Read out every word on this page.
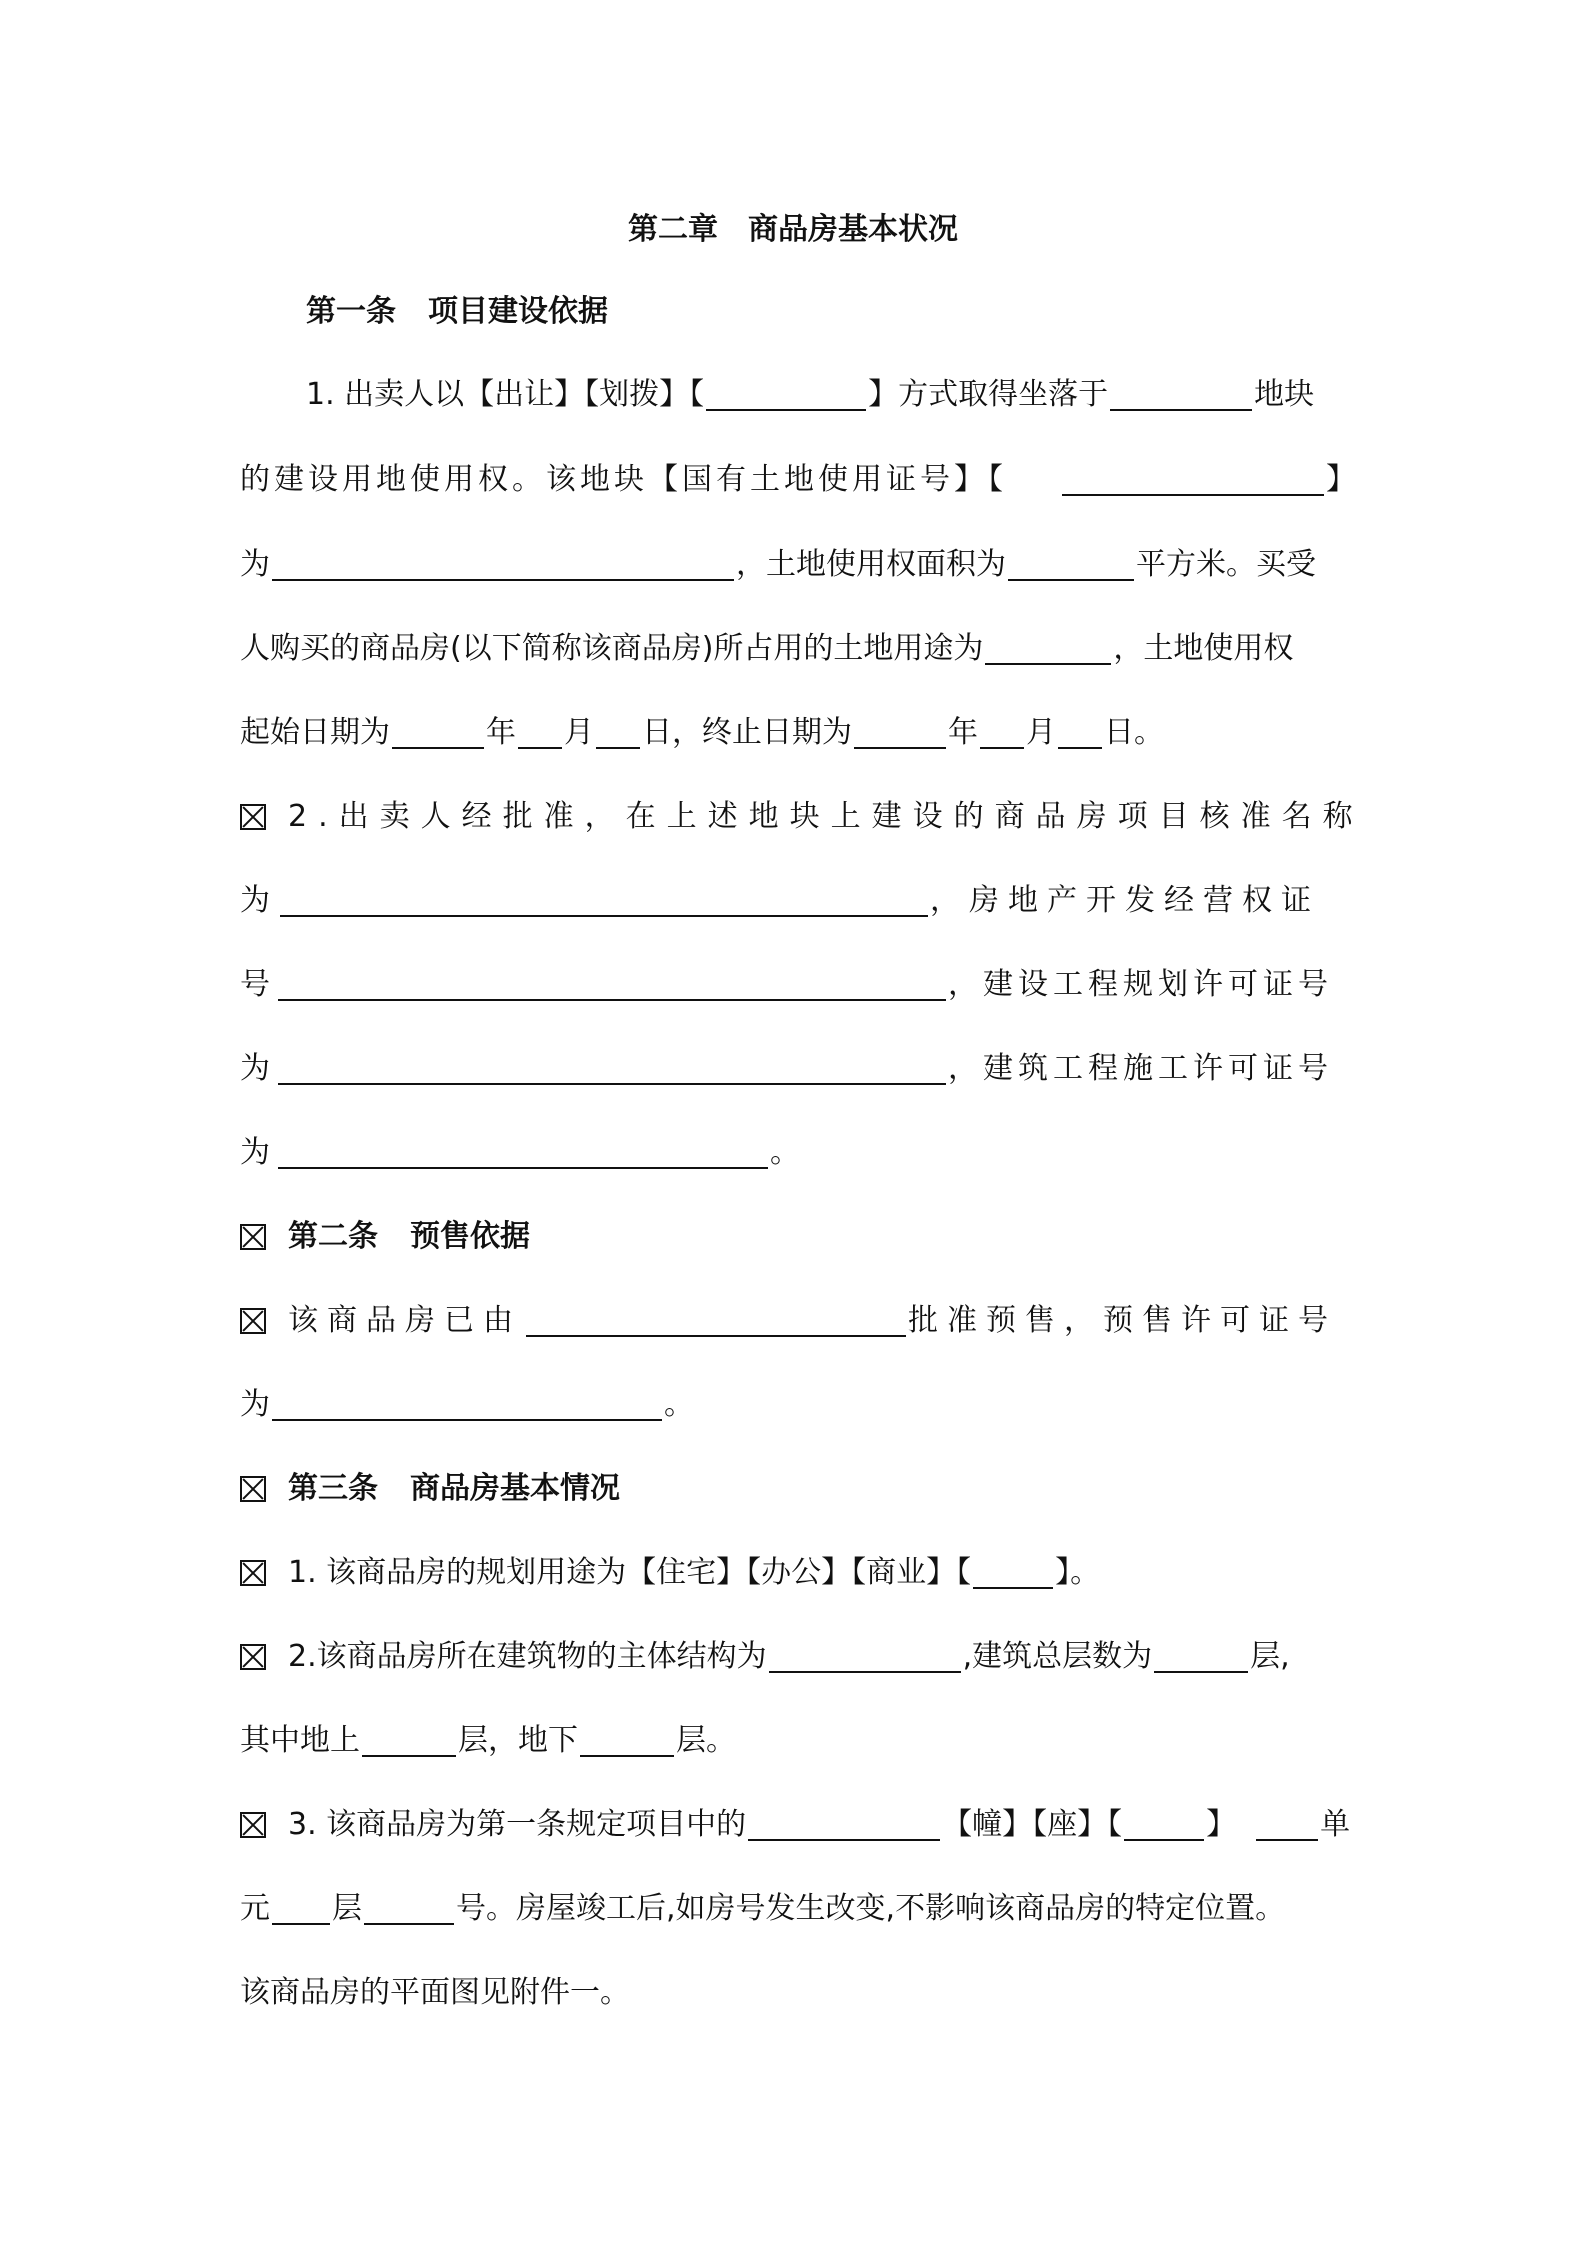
第二章　商品房基本状况
第一条 项目建设依据
1. 出卖人以【出让】【划拨】【	】方式取得坐落于	地块
的建设用地使用权。该地块【国有土地使用证号】【	】
为	，土地使用权面积为	平方米。买受
人购买的商品房(以下简称该商品房)所占用的土地用途为	，土地使用权
起始日期为	年 月 日，终止日期为	年 月 日。
2.出卖人经批准，在上述地块上建设的商品房项目核准名称
为	，房地产开发经营权证
号	，建设工程规划许可证号
为	，建筑工程施工许可证号
为	。
第二条 预售依据
该商品房已由	批准预售，预售许可证号
为	。
第三条 商品房基本情况
1. 该商品房的规划用途为【住宅】【办公】【商业】【	】。
2.该商品房所在建筑物的主体结构为	,建筑总层数为	层,
其中地上	层，地下	层。
3. 该商品房为第一条规定项目中的	【幢】【座】【	】	单
元 层	号。房屋竣工后,如房号发生改变,不影响该商品房的特定位置。
该商品房的平面图见附件一。
